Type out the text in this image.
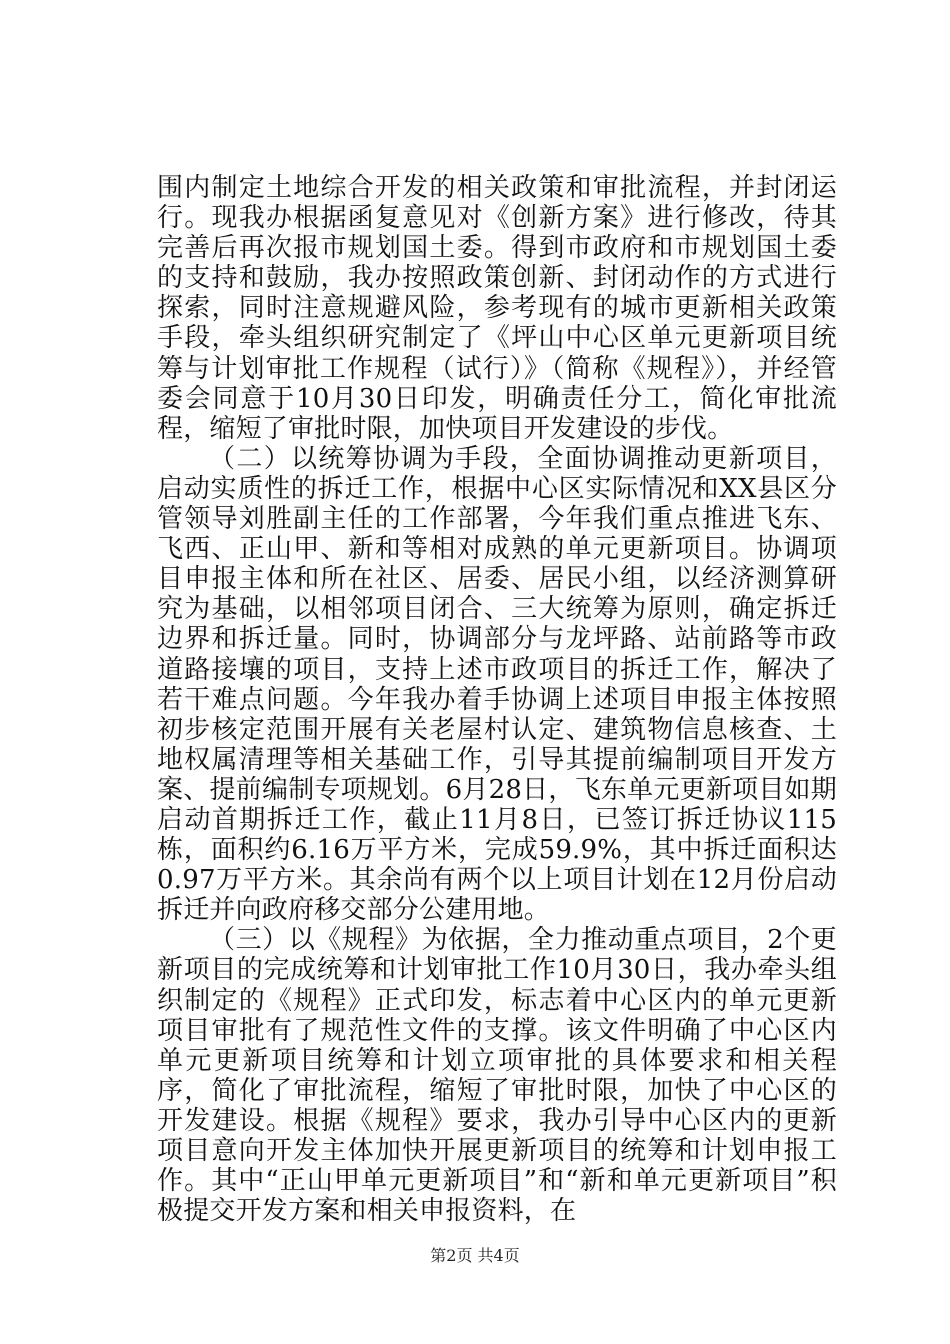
围内制定土地综合开发的相关政策和审批流程，并封闭运行。现我办根据函复意见对《创新方案》进行修改，待其完善后再次报市规划国土委。得到市政府和市规划国土委的支持和鼓励，我办按照政策创新、封闭动作的方式进行探索，同时注意规避风险，参考现有的城市更新相关政策手段，牵头组织研究制定了《坪山中心区单元更新项目统筹与计划审批工作规程（试行）》（简称《规程》），并经管委会同意于10月30日印发，明确责任分工，简化审批流程，缩短了审批时限，加快项目开发建设的步伐。

（二）以统筹协调为手段，全面协调推动更新项目，启动实质性的拆迁工作，根据中心区实际情况和XX县区分管领导刘胜副主任的工作部署，今年我们重点推进飞东、飞西、正山甲、新和等相对成熟的单元更新项目。协调项目申报主体和所在社区、居委、居民小组，以经济测算研究为基础，以相邻项目闭合、三大统筹为原则，确定拆迁边界和拆迁量。同时，协调部分与龙坪路、站前路等市政道路接壤的项目，支持上述市政项目的拆迁工作，解决了若干难点问题。今年我办着手协调上述项目申报主体按照初步核定范围开展有关老屋村认定、建筑物信息核查、土地权属清理等相关基础工作，引导其提前编制项目开发方案、提前编制专项规划。6月28日，飞东单元更新项目如期启动首期拆迁工作，截止11月8日，已签订拆迁协议115栋，面积约6.16万平方米，完成59.9%，其中拆迁面积达0.97万平方米。其余尚有两个以上项目计划在12月份启动拆迁并向政府移交部分公建用地。

（三）以《规程》为依据，全力推动重点项目，2个更新项目的完成统筹和计划审批工作10月30日，我办牵头组织制定的《规程》正式印发，标志着中心区内的单元更新项目审批有了规范性文件的支撑。该文件明确了中心区内单元更新项目统筹和计划立项审批的具体要求和相关程序，简化了审批流程，缩短了审批时限，加快了中心区的开发建设。根据《规程》要求，我办引导中心区内的更新项目意向开发主体加快开展更新项目的统筹和计划申报工作。其中“正山甲单元更新项目”和“新和单元更新项目”积极提交开发方案和相关申报资料，在

第2页 共4页
